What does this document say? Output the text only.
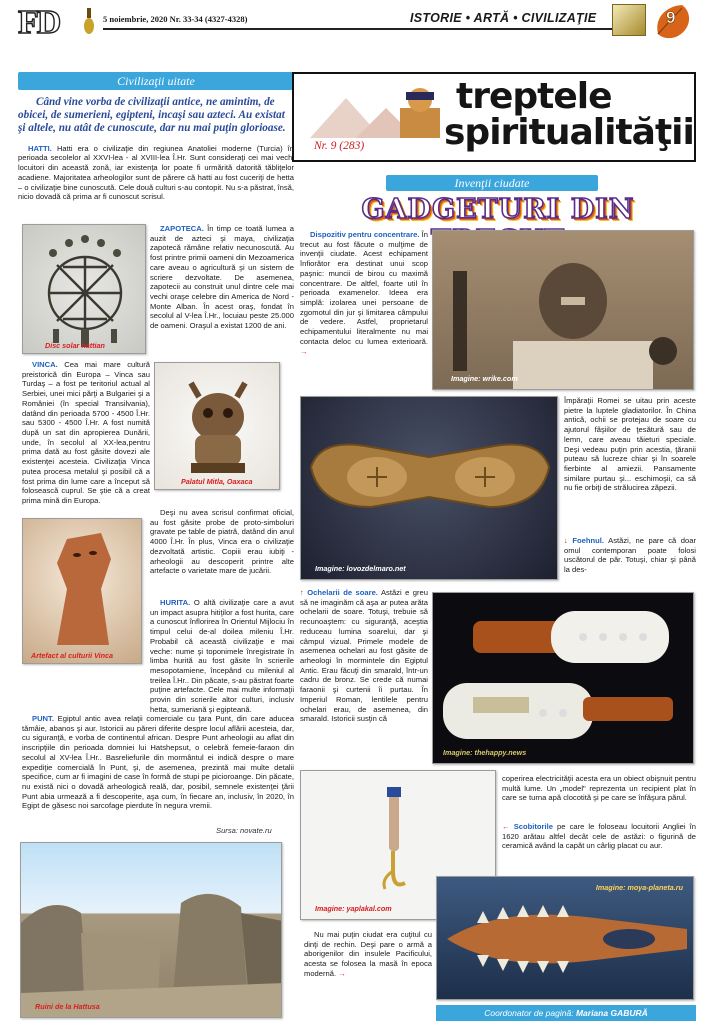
FD	5 noiembrie, 2020 Nr. 33-34 (4327-4328)	ISTORIE • ARTĂ • CIVILIZAŢIE	9
Civilizaţii uitate

Când vine vorba de civilizaţii antice, ne amintim, de obicei, de sumerieni, egipteni, incaşi sau azteci. Au existat şi altele, nu atât de cunoscute, dar nu mai puţin glorioase.

HATTI. Hatti era o civilizaţie din regiunea Anatoliei moderne (Turcia) în perioada secolelor al XXVI-lea - al XVIII-lea Î.Hr. Sunt consideraţi cei mai vechi locuitori din această zonă, iar existenţa lor poate fi urmărită datorită tăbliţelor acadiene. Majoritatea arheologilor sunt de părere că hatti au fost cuceriţi de hetta – o civilizaţie bine cunoscută. Cele două culturi s-au contopit. Nu s-a păstrat, însă, nicio dovadă că prima ar fi cunoscut scrisul.

Disc solar hattian

ZAPOTECA. În timp ce toată lumea a auzit de azteci şi maya, civilizaţia zapotecă rămâne relativ necunoscută. Au fost printre primii oameni din Mezoamerica care aveau o agricultură şi un sistem de scriere dezvoltate. De asemenea, zapotecii au construit unul dintre cele mai vechi oraşe celebre din America de Nord - Monte Alban. În acest oraş, fondat în secolul al V-lea Î.Hr., locuiau peste 25.000 de oameni. Oraşul a existat 1200 de ani.

VINCA. Cea mai mare cultură preistorică din Europa – Vinca sau Turdaş – a fost pe teritoriul actual al Serbiei, unei mici părţi a Bulgariei şi a României (în special Transilvania), datând din perioada 5700 - 4500 Î.Hr. sau 5300 - 4500 Î.Hr. A fost numită după un sat din apropierea Dunării, unde, în secolul al XX-lea,pentru prima dată au fost găsite dovezi ale existenţei acesteia. Civilizaţia Vinca putea procesa metalul şi posibil că a fost prima din lume care a început să folosească cuprul. Se ştie că a creat prima mină din Europa.

Palatul Mitla, Oaxaca

Deşi nu avea scrisul confirmat oficial, au fost găsite probe de proto-simboluri gravate pe table de piatră, datând din anul 4000 Î.Hr. În plus, Vinca era o civilizaţie dezvoltată artistic. Copiii erau iubiţi - arheologii au descoperit printre alte artefacte o varietate mare de jucării.

Artefact al culturii Vinca

HURITA. O altă civilizaţie care a avut un impact asupra hitiţilor a fost hurita, care a cunoscut înflorirea în Orientul Mijlociu în timpul celui de-al doilea mileniu Î.Hr. Probabil că această civilizaţie e mai veche: nume şi toponimele înregistrate în limba hurită au fost găsite în scrierile mesopotamiene, începând cu mileniul al treilea Î.Hr.. Din păcate, s-au păstrat foarte puţine artefacte. Cele mai multe informaţii provin din scrierile altor culturi, inclusiv hetta, sumeriană şi egipteană.

PUNT. Egiptul antic avea relaţii comerciale cu ţara Punt, din care aducea tămâie, abanos şi aur. Istoricii au păreri diferite despre locul aflării acesteia, dar, cu siguranţă, e vorba de continentul african. Despre Punt arheologii au aflat din inscripţiile din perioada domniei lui Hatshepsut, o celebră femeie-faraon din secolul al XV-lea Î.Hr.. Basreliefurile din mormântul ei indică despre o mare expediţie comercială în Punt, şi, de asemenea, prezintă mai multe detalii specifice, cum ar fi imagini de case în formă de stupi pe picioroange. Din păcate, nu există nici o dovadă arheologică reală, dar, posibil, semnele existenţei ţării Punt abia urmează a fi descoperite, aşa cum, în fiecare an, inclusiv, în 2020, în Egipt de găsesc noi sarcofage pierdute în negura vremii.

Sursa: novate.ru
Ruini de la Hattusa
treptele
spiritualităţii
Nr. 9 (283)
Invenţii ciudate
GADGETURI DIN

Dispozitiv pentru concentrare. În trecut au fost făcute o mulţime de invenţii ciudate. Acest echipament înfiorător era destinat unui scop paşnic: muncii de birou cu maximă concentrare. De altfel, foarte util în perioada examenelor. Ideea era simplă: izolarea unei persoane de zgomotul din jur şi limitarea câmpului de vedere. Astfel, proprietarul echipamentului literalmente nu mai contacta deloc cu lumea exterioară. →

Imagine: wrike.com
Imagine: lovozdelmaro.net

Împăraţii Romei se uitau prin aceste pietre la luptele gladiatorilor. În China antică, ochii se protejau de soare cu ajutorul fâşiilor de ţesătură sau de lemn, care aveau tăieturi speciale. Deşi vedeau puţin prin acestia, ţăranii puteau să lucreze chiar şi în soarele fierbinte al amiezii. Pansamente similare purtau şi... eschimoşii, ca să nu fie orbiţi de strălucirea zăpezii.

↓ Foehnul. Astăzi, ne pare că doar omul contemporan poate folosi uscătorul de păr. Totuşi, chiar şi până la des-

↑ Ochelarii de soare. Astăzi e greu să ne imaginăm că aşa ar putea arăta ochelarii de soare. Totuşi, trebuie să recunoaştem: cu siguranţă, aceştia reduceau lumina soarelui, dar şi câmpul vizual. Primele modele de asemenea ochelari au fost găsite de arheologi în mormintele din Egiptul Antic. Erau făcuţi din smarald, într-un cadru de bronz. Se crede că numai faraonii şi curtenii îi purtau. În Imperiul Roman, lentilele pentru ochelari erau, de asemenea, din smarald. Istoricii susţin că

Imagine: thehappy.news

coperirea electricităţii acesta era un obiect obişnuit pentru multă lume. Un „model" reprezenta un recipient plat în care se turna apă clocotită şi pe care se înfăşura părul.

← Scobitorile pe care le foloseau locuitorii Angliei în 1620 arătau altfel decât cele de astăzi: o figurină de ceramică având la capăt un cârlig placat cu aur.

Imagine: yaplakal.com
Imagine: moya-planeta.ru

Nu mai puţin ciudat era cuţitul cu dinţi de rechin. Deşi pare o armă a aborigenilor din insulele Pacificului, acesta se folosea la masă în epoca modernă. →

Coordonator de pagină: Mariana GABURĂ
